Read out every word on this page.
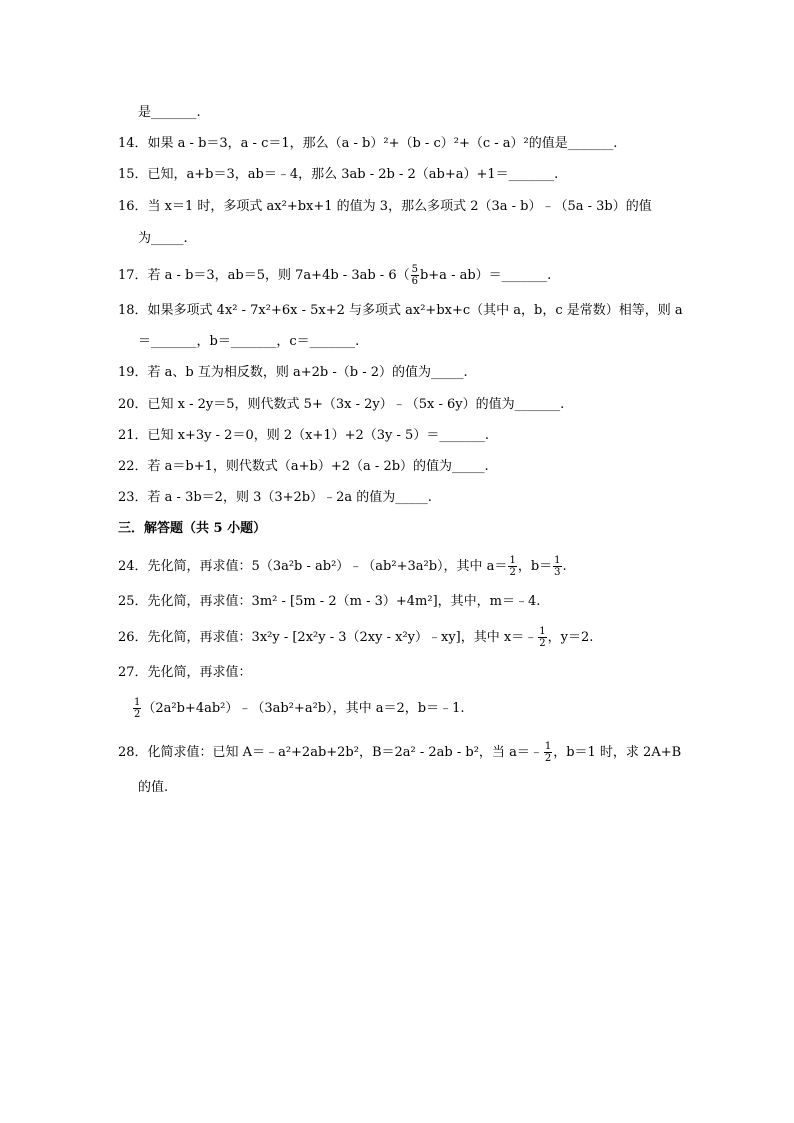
是_______.
14．如果 a - b＝3，a - c＝1，那么（a - b）²+（b - c）²+（c - a）²的值是_______.
15．已知，a+b＝3，ab＝﹣4，那么 3ab - 2b - 2（ab+a）+1＝_______.
16．当 x＝1 时，多项式 ax²+bx+1 的值为 3，那么多项式 2（3a - b）﹣（5a - 3b）的值
为_____.
17．若 a - b＝3，ab＝5，则 $7a+4b - 3ab - 6( \frac{5}{6} b+a$ - ab）＝_______.
18．如果多项式 4x² - 7x²+6x - 5x+2 与多项式 ax²+bx+c（其中 a，b，c 是常数）相等，则 a
＝_______，b＝_______，c＝_______.
19．若 a、b 互为相反数，则 a+2b -（b - 2）的值为_____.
20．已知 x - 2y＝5，则代数式 5+（3x - 2y）﹣（5x - 6y）的值为_______.
21．已知 x+3y - 2＝0，则 2（x+1）+2（3y - 5）＝_______.
22．若 a＝b+1，则代数式（a+b）+2（a - 2b）的值为_____.
23．若 a - 3b＝2，则 3（3+2b）﹣2a 的值为_____.
三．解答题（共 5 小题）
24．先化简，再求值：5（3a²b - ab²）﹣（ab²+3a²b），其中 $a= \frac{1}{2}$ ，$b= \frac{1}{3}$ .
25．先化简，再求值：3m² - [5m - 2（m - 3）+4m²]，其中，m＝﹣4.
26．先化简，再求值：3x²y - [2x²y - 3（2xy - x²y）﹣xy]，其中 x＝﹣ $\frac{1}{2}$ ，y＝2.
27．先化简，再求值：
$\frac{1}{2}$ （2a²b+4ab²）﹣（3ab²+a²b），其中 a＝2，b＝﹣1.
28．化简求值：已知 A＝﹣a²+2ab+2b²，B＝2a² - 2ab - b²，当 a＝﹣ $\frac{1}{2}$ ，b＝1 时，求 2A+B
的值.
